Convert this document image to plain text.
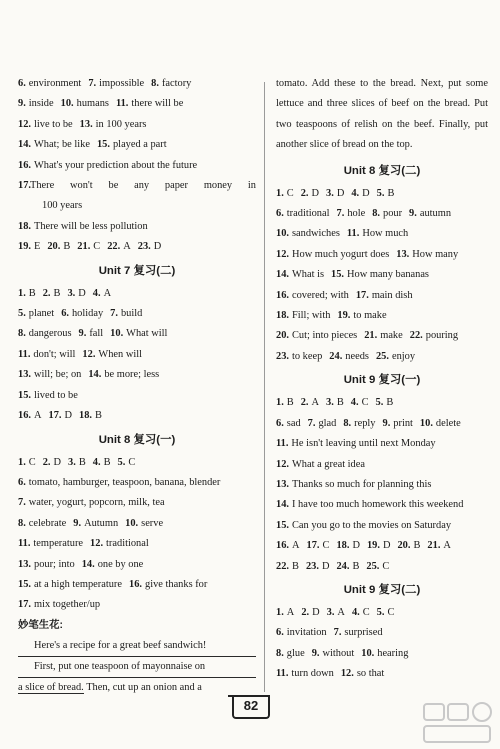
6. environment 7. impossible 8. factory
9. inside 10. humans 11. there will be
12. live to be 13. in 100 years
14. What; be like 15. played a part
16. What's your prediction about the future
17. There won't be any paper money in
100 years
18. There will be less pollution
19. E 20. B 21. C 22. A 23. D
Unit 7 复习(二)
1. B 2. B 3. D 4. A
5. planet 6. holiday 7. build
8. dangerous 9. fall 10. What will
11. don't; will 12. When will
13. will; be; on 14. be more; less
15. lived to be
16. A 17. D 18. B
Unit 8 复习(一)
1. C 2. D 3. B 4. B 5. C
6. tomato, hamburger, teaspoon, banana, blender
7. water, yogurt, popcorn, milk, tea
8. celebrate 9. Autumn 10. serve
11. temperature 12. traditional
13. pour; into 14. one by one
15. at a high temperature 16. give thanks for
17. mix together/up
妙笔生花:
Here's a recipe for a great beef sandwich!
First, put one teaspoon of mayonnaise on
a slice of bread. Then, cut up an onion and a
tomato. Add these to the bread. Next, put some lettuce and three slices of beef on the bread. Put two teaspoons of relish on the beef. Finally, put another slice of bread on the top.
Unit 8 复习(二)
1. C 2. D 3. D 4. D 5. B
6. traditional 7. hole 8. pour 9. autumn
10. sandwiches 11. How much
12. How much yogurt does 13. How many
14. What is 15. How many bananas
16. covered; with 17. main dish
18. Fill; with 19. to make
20. Cut; into pieces 21. make 22. pouring
23. to keep 24. needs 25. enjoy
Unit 9 复习(一)
1. B 2. A 3. B 4. C 5. B
6. sad 7. glad 8. reply 9. print 10. delete
11. He isn't leaving until next Monday
12. What a great idea
13. Thanks so much for planning this
14. I have too much homework this weekend
15. Can you go to the movies on Saturday
16. A 17. C 18. D 19. D 20. B 21. A
22. B 23. D 24. B 25. C
Unit 9 复习(二)
1. A 2. D 3. A 4. C 5. C
6. invitation 7. surprised
8. glue 9. without 10. hearing
11. turn down 12. so that
82
